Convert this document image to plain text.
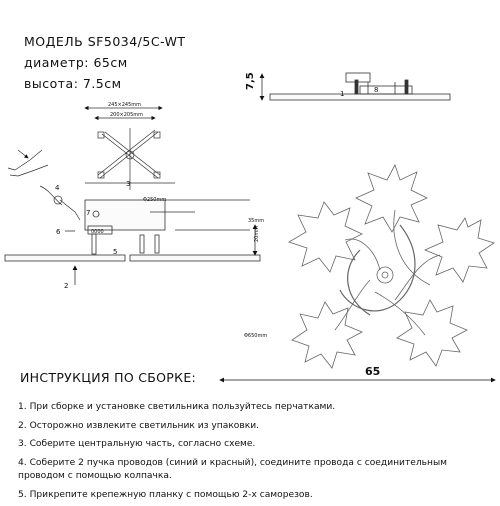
7,5
1	8
245×245mm
200×205mm
3
4
0000
Φ250mm
35mm
20mm
2
5
6
7
Φ650mm
65
МОДЕЛЬ SF5034/5C-WT
диаметр: 65см
высота: 7.5см
ИНСТРУКЦИЯ ПО СБОРКЕ:
1. При сборке и установке светильника пользуйтесь перчатками.
2. Осторожно извлеките светильник из упаковки.
3. Соберите центральную часть, согласно схеме.
4. Соберите 2 пучка проводов (синий и красный), соедините провода с соединительным
проводом с помощью колпачка.
5. Прикрепите крепежную планку с помощью 2-х саморезов.
